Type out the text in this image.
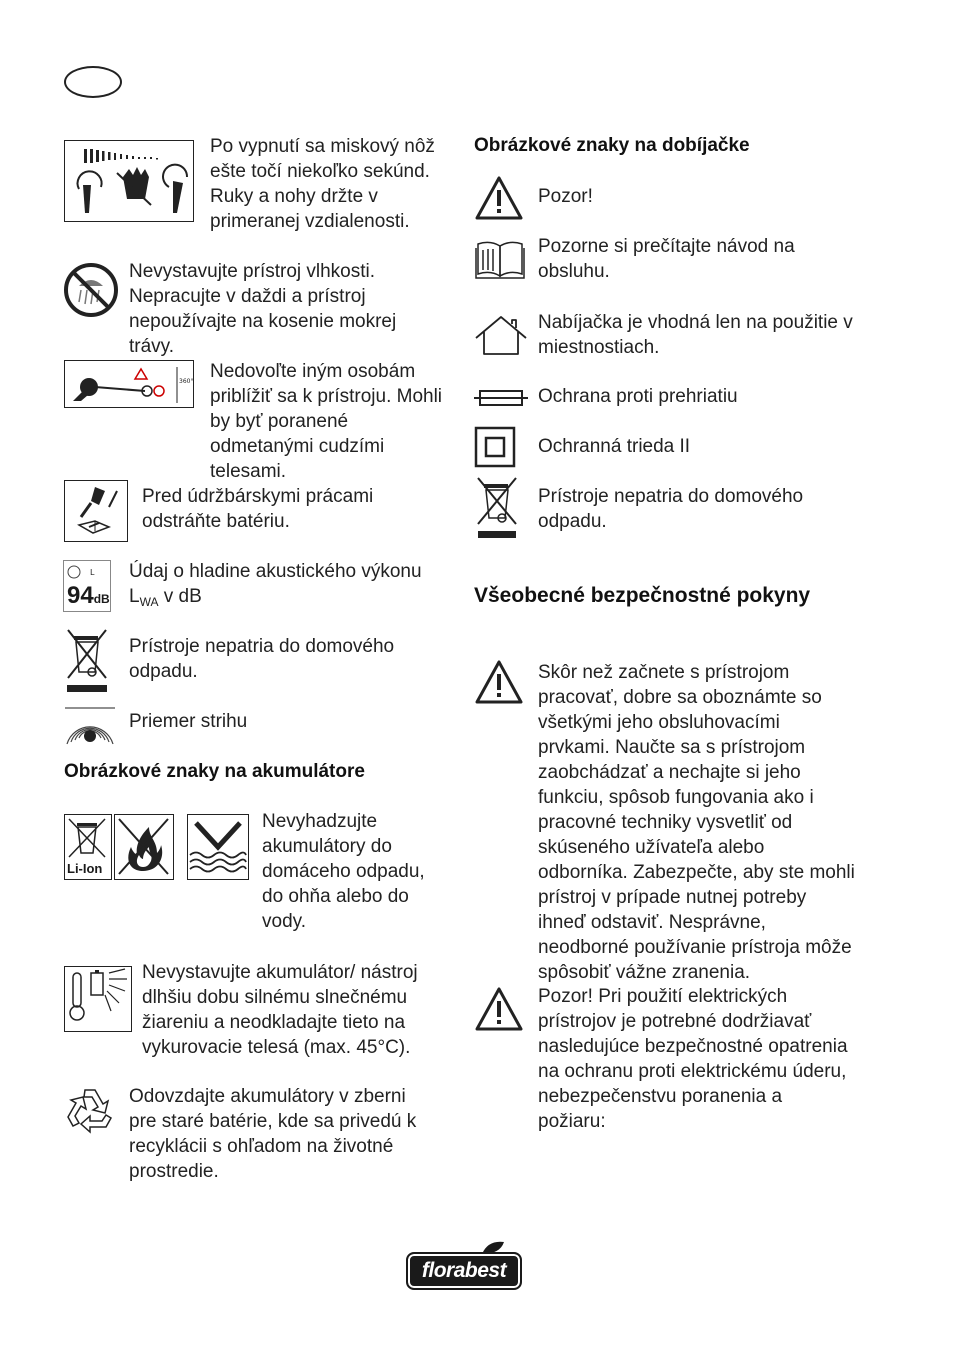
Po vypnutí sa miskový nôž ešte točí niekoľko sekúnd. Ruky a nohy držte v primeranej vzdialenosti.
Nevystavujte prístroj vlhkosti. Nepracujte v daždi a prístroj nepoužívajte na kosenie mokrej trávy.
360° Nedovoľte iným osobám priblížiť sa k prístroju. Mohli by byť poranené odmetanými cudzími telesami.
Pred údržbárskymi prácami odstráňte batériu.
L
94dB
Údaj o hladine akustického výkonu $L_{WA}$ v dB
Prístroje nepatria do domového odpadu.
Priemer strihu
Obrázkové znaky na akumulátore
Li-Ion
Nevyhadzujte akumulátory do domáceho odpadu, do ohňa alebo do vody.
Nevystavujte akumulátor/ nástroj dlhšiu dobu silnému slnečnému žiareniu a neodkladajte tieto na vykurovacie telesá (max. 45°C).
Odovzdajte akumulátory v zberni pre staré batérie, kde sa privedú k recyklácii s ohľadom na životné prostredie.
Obrázkové znaky na dobíjačke
Pozor!
Pozorne si prečítajte návod na obsluhu.
Nabíjačka je vhodná len na použitie v miestnostiach.
Ochrana proti prehriatiu
Ochranná trieda II
Prístroje nepatria do domového odpadu.
Všeobecné bezpečnostné pokyny
Skôr než začnete s prístrojom pracovať, dobre sa oboznámte so všetkými jeho obsluhovacími prvkami. Naučte sa s prístrojom zaobchádzať a nechajte si jeho funkciu, spôsob fungovania ako i pracovné techniky vysvetliť od skúseného užívateľa alebo odborníka. Zabezpečte, aby ste mohli prístroj v prípade nutnej potreby ihneď odstaviť. Nesprávne, neodborné používanie prístroja môže spôsobiť vážne zranenia.
Pozor! Pri použití elektrických prístrojov je potrebné dodržiavať nasledujúce bezpečnostné opatrenia na ochranu proti elektrickému úderu, nebezpečenstvu poranenia a požiaru:
florabest
